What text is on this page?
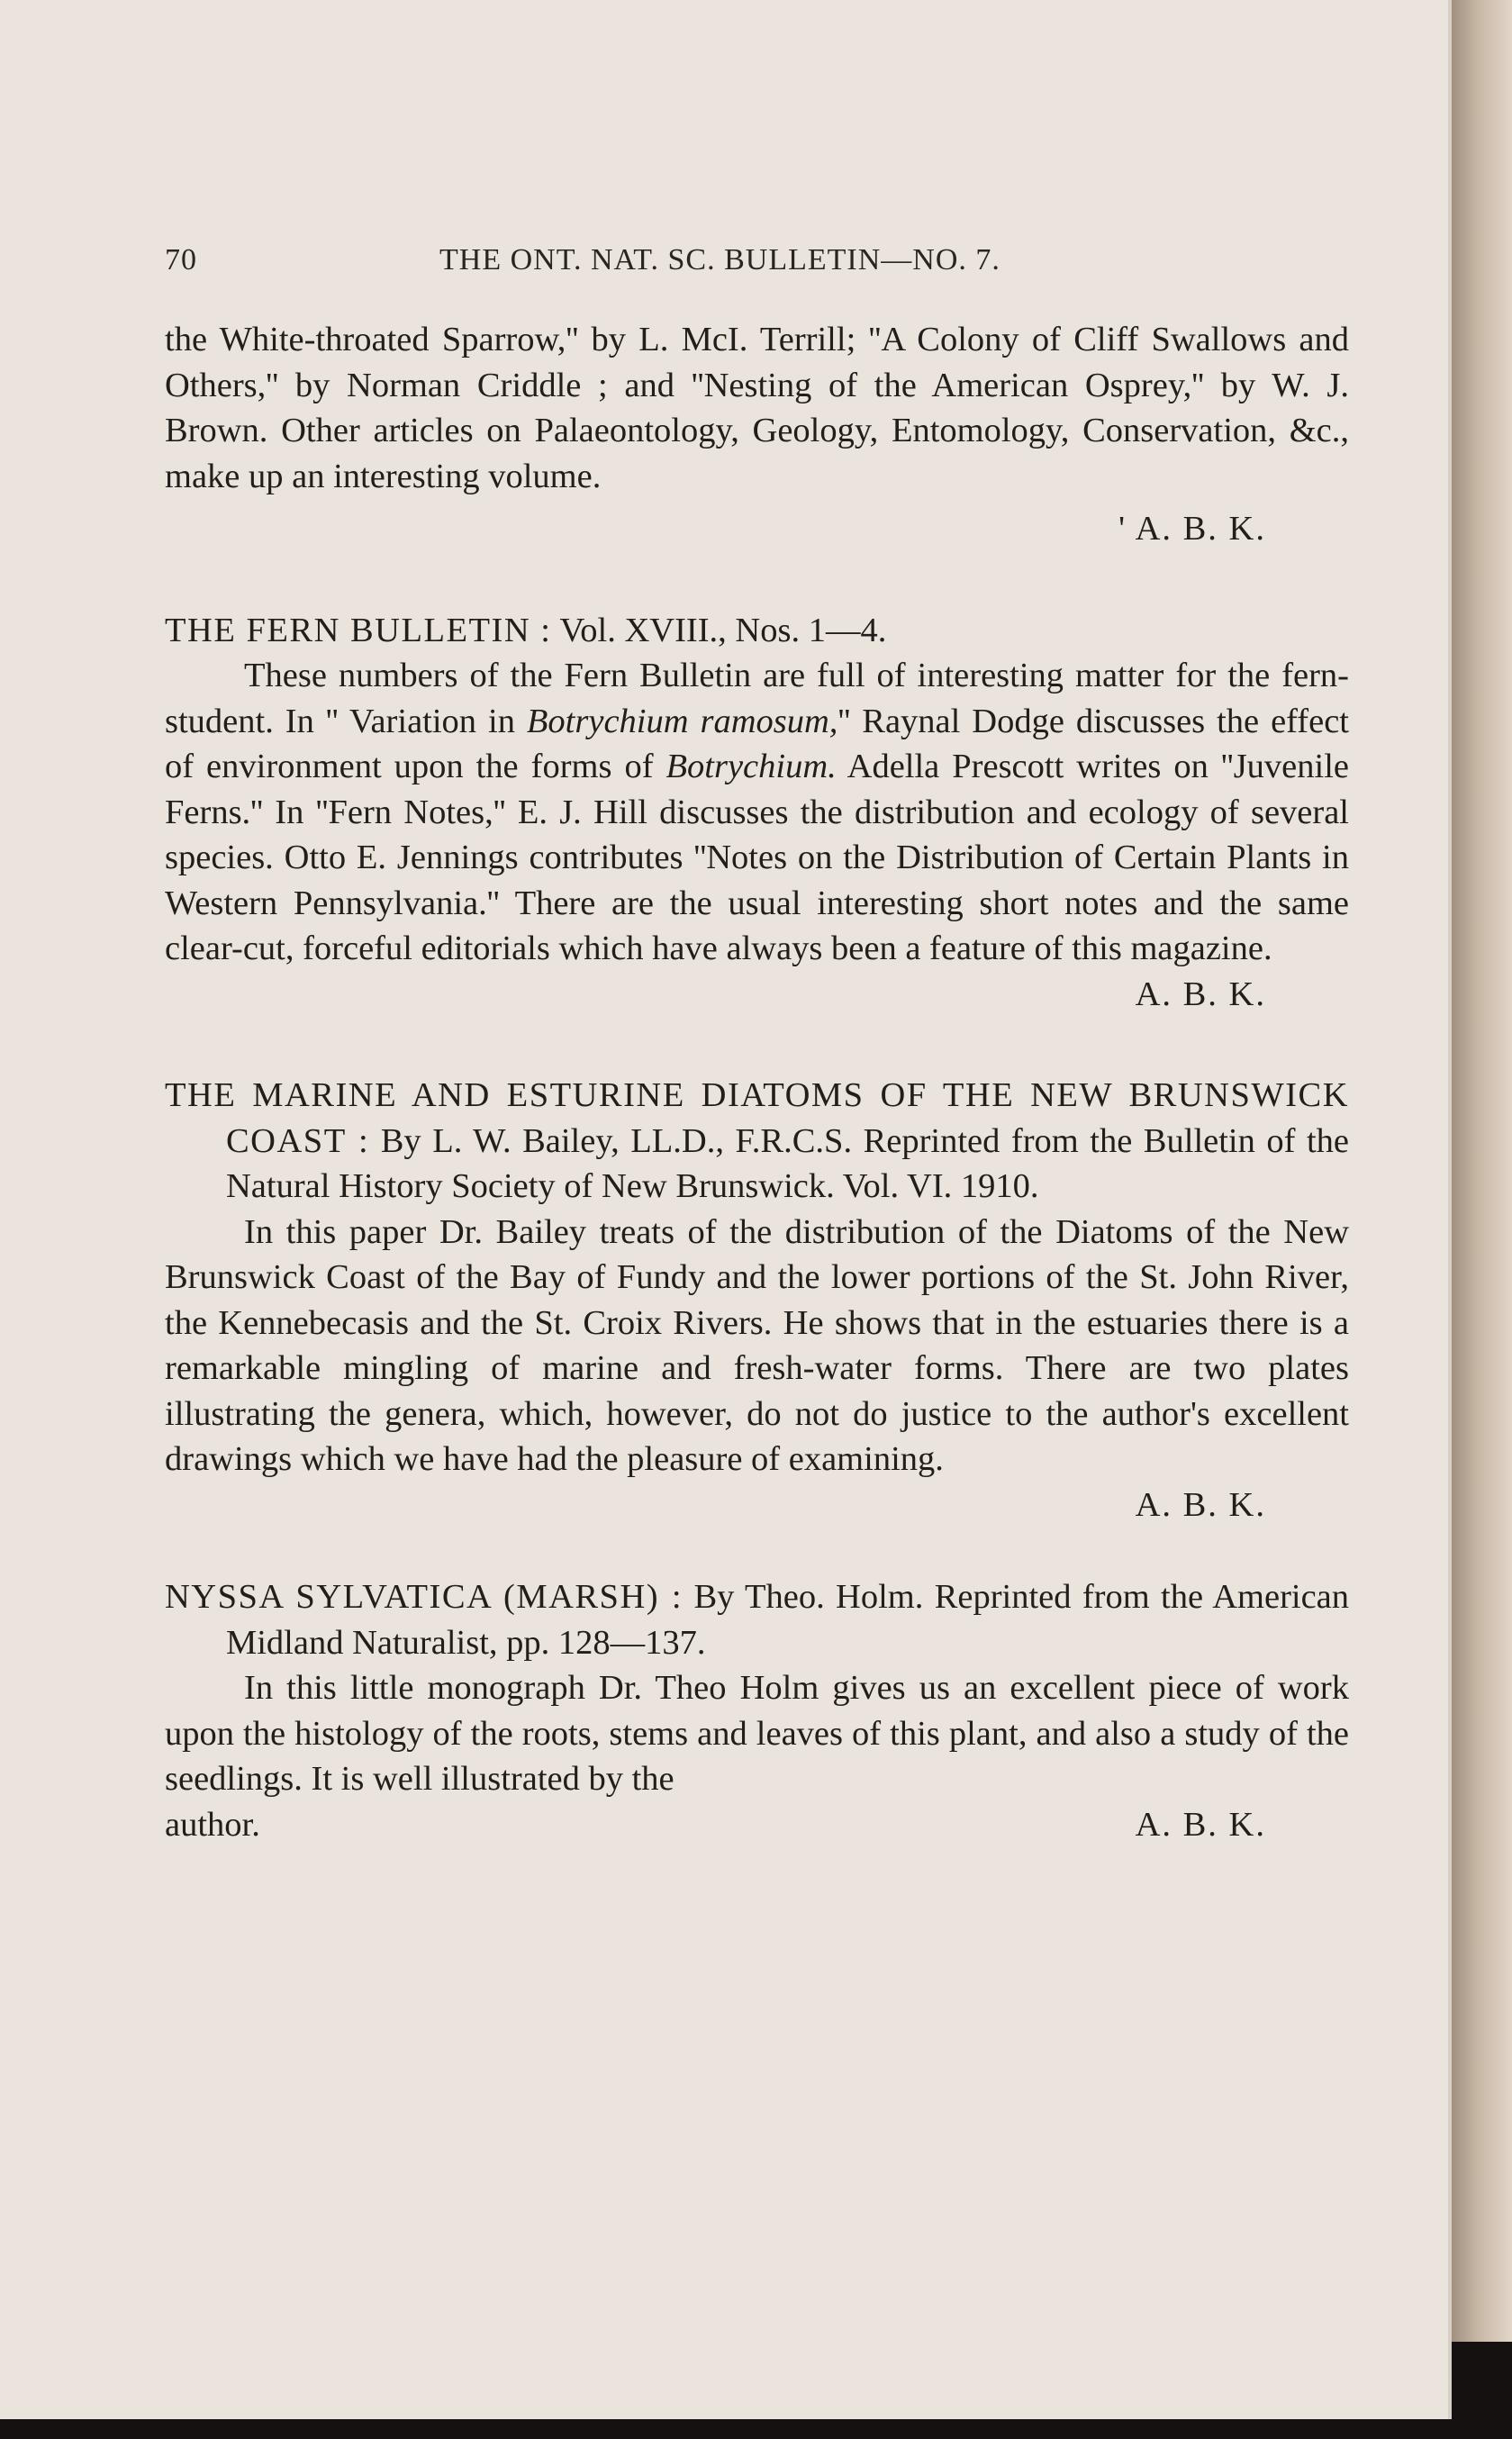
70	THE ONT. NAT. SC. BULLETIN—NO. 7.

the White-throated Sparrow,'' by L. McI. Terrill; ''A Colony of Cliff Swallows and Others,'' by Norman Criddle ; and ''Nesting of the American Osprey,'' by W. J. Brown. Other articles on Palaeontology, Geology, Entomology, Conservation, &c., make up an interesting volume.

' A. B. K.

THE FERN BULLETIN : Vol. XVIII., Nos. 1—4.

These numbers of the Fern Bulletin are full of interesting matter for the fern-student. In '' Variation in Botrychium ramosum,'' Raynal Dodge discusses the effect of environment upon the forms of Botrychium. Adella Prescott writes on ''Juvenile Ferns.'' In ''Fern Notes,'' E. J. Hill discusses the distribution and ecology of several species. Otto E. Jennings contributes ''Notes on the Distribution of Certain Plants in Western Pennsylvania.'' There are the usual interesting short notes and the same clear-cut, forceful editorials which have always been a feature of this magazine.

A. B. K.

THE MARINE AND ESTURINE DIATOMS OF THE NEW BRUNSWICK COAST : By L. W. Bailey, LL.D., F.R.C.S. Reprinted from the Bulletin of the Natural History Society of New Brunswick. Vol. VI. 1910.

In this paper Dr. Bailey treats of the distribution of the Diatoms of the New Brunswick Coast of the Bay of Fundy and the lower portions of the St. John River, the Kennebecasis and the St. Croix Rivers. He shows that in the estuaries there is a remarkable mingling of marine and fresh-water forms. There are two plates illustrating the genera, which, however, do not do justice to the author's excellent drawings which we have had the pleasure of examining.

A. B. K.

NYSSA SYLVATICA (MARSH) : By Theo. Holm. Reprinted from the American Midland Naturalist, pp. 128—137.

In this little monograph Dr. Theo Holm gives us an excellent piece of work upon the histology of the roots, stems and leaves of this plant, and also a study of the seedlings. It is well illustrated by the

author.	A. B. K.
